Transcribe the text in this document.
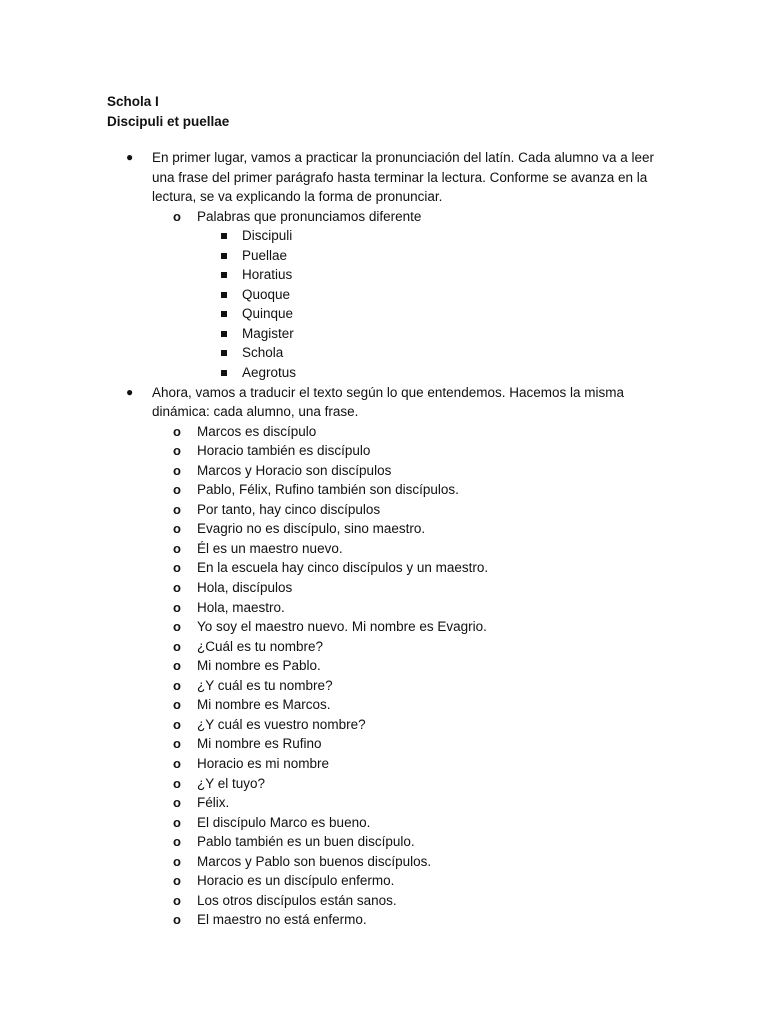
Schola I
Discipuli et puellae
● En primer lugar, vamos a practicar la pronunciación del latín. Cada alumno va a leer una frase del primer parágrafo hasta terminar la lectura. Conforme se avanza en la lectura, se va explicando la forma de pronunciar.
o Palabras que pronunciamos diferente
Discipuli
Puellae
Horatius
Quoque
Quinque
Magister
Schola
Aegrotus
● Ahora, vamos a traducir el texto según lo que entendemos. Hacemos la misma dinámica: cada alumno, una frase.
o Marcos es discípulo
o Horacio también es discípulo
o Marcos y Horacio son discípulos
o Pablo, Félix, Rufino también son discípulos.
o Por tanto, hay cinco discípulos
o Evagrio no es discípulo, sino maestro.
o Él es un maestro nuevo.
o En la escuela hay cinco discípulos y un maestro.
o Hola, discípulos
o Hola, maestro.
o Yo soy el maestro nuevo. Mi nombre es Evagrio.
o ¿Cuál es tu nombre?
o Mi nombre es Pablo.
o ¿Y cuál es tu nombre?
o Mi nombre es Marcos.
o ¿Y cuál es vuestro nombre?
o Mi nombre es Rufino
o Horacio es mi nombre
o ¿Y el tuyo?
o Félix.
o El discípulo Marco es bueno.
o Pablo también es un buen discípulo.
o Marcos y Pablo son buenos discípulos.
o Horacio es un discípulo enfermo.
o Los otros discípulos están sanos.
o El maestro no está enfermo.
